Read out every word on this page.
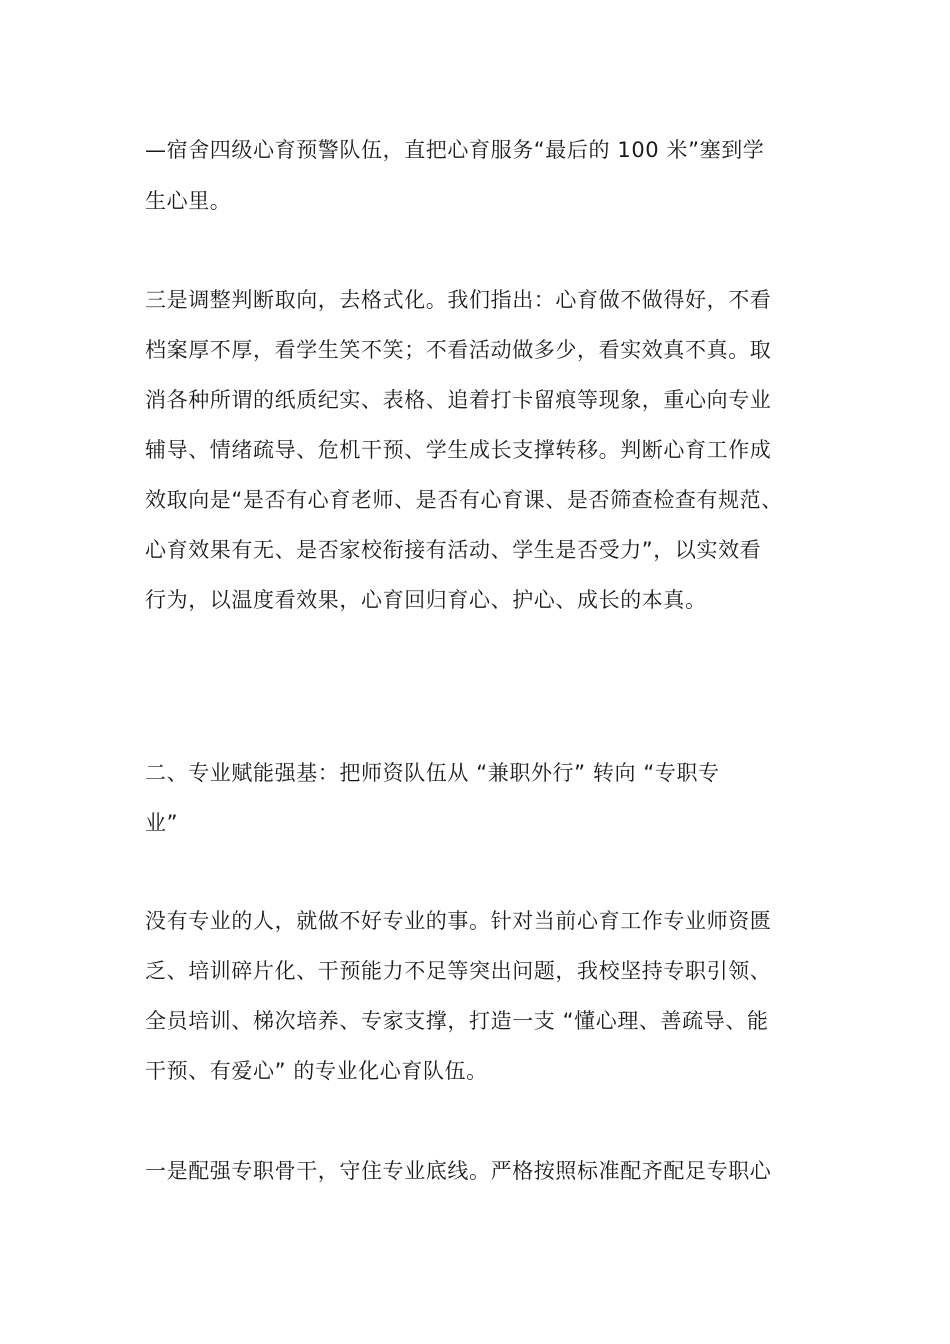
—宿舍四级心育预警队伍，直把心育服务“最后的 100 米”塞到学
生心里。
三是调整判断取向，去格式化。我们指出：心育做不做得好，不看
档案厚不厚，看学生笑不笑；不看活动做多少，看实效真不真。取
消各种所谓的纸质纪实、表格、追着打卡留痕等现象，重心向专业
辅导、情绪疏导、危机干预、学生成长支撑转移。判断心育工作成
效取向是“是否有心育老师、是否有心育课、是否筛查检查有规范、
心育效果有无、是否家校衔接有活动、学生是否受力”，以实效看
行为，以温度看效果，心育回归育心、护心、成长的本真。
二、专业赋能强基：把师资队伍从 “兼职外行” 转向 “专职专
业”
没有专业的人，就做不好专业的事。针对当前心育工作专业师资匮
乏、培训碎片化、干预能力不足等突出问题，我校坚持专职引领、
全员培训、梯次培养、专家支撑，打造一支 “懂心理、善疏导、能
干预、有爱心” 的专业化心育队伍。
一是配强专职骨干，守住专业底线。严格按照标准配齐配足专职心
